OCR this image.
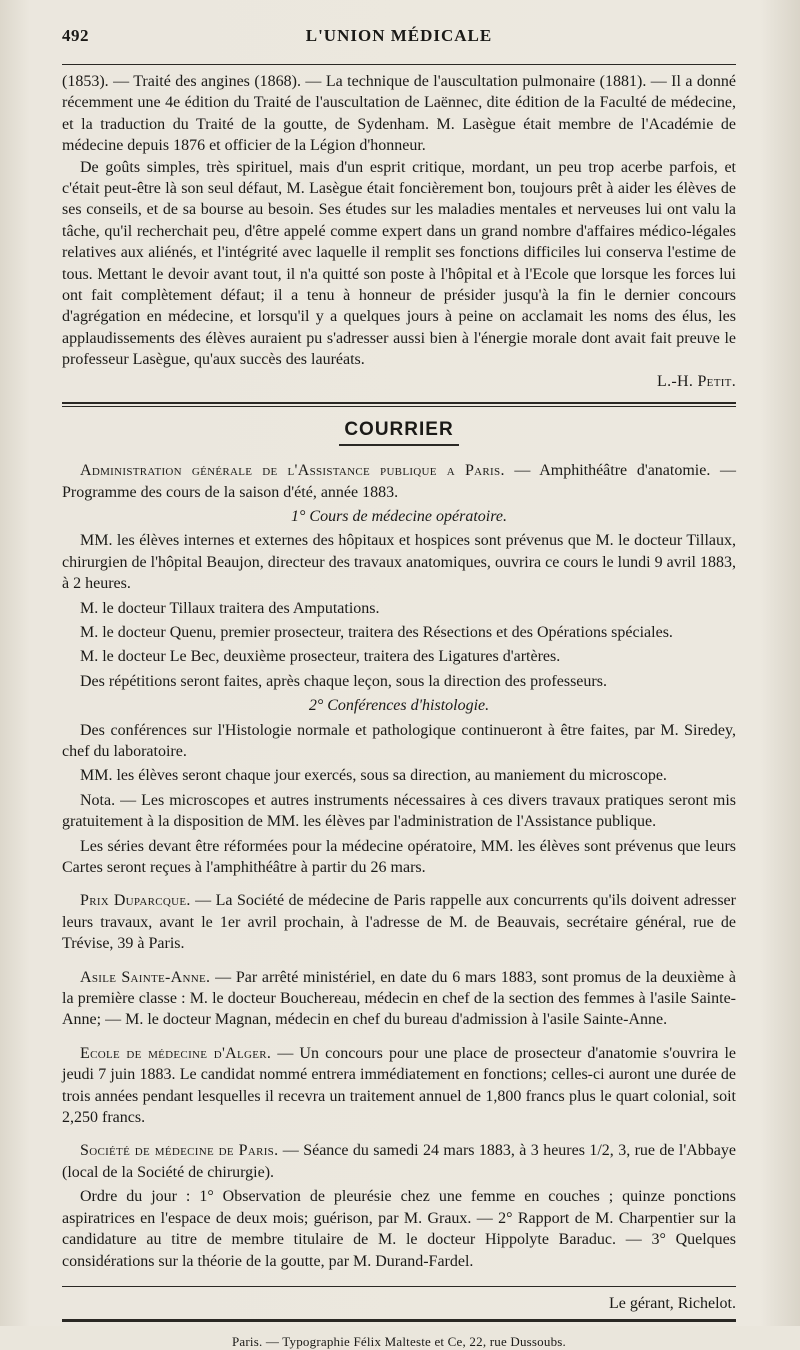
492	L'UNION MÉDICALE

(1853). — Traité des angines (1868). — La technique de l'auscultation pulmonaire (1881). — Il a donné récemment une 4e édition du Traité de l'auscultation de Laënnec, dite édition de la Faculté de médecine, et la traduction du Traité de la goutte, de Sydenham. M. Lasègue était membre de l'Académie de médecine depuis 1876 et officier de la Légion d'honneur.

De goûts simples, très spirituel, mais d'un esprit critique, mordant, un peu trop acerbe parfois, et c'était peut-être là son seul défaut, M. Lasègue était foncièrement bon, toujours prêt à aider les élèves de ses conseils, et de sa bourse au besoin. Ses études sur les maladies mentales et nerveuses lui ont valu la tâche, qu'il recherchait peu, d'être appelé comme expert dans un grand nombre d'affaires médico-légales relatives aux aliénés, et l'intégrité avec laquelle il remplit ses fonctions difficiles lui conserva l'estime de tous. Mettant le devoir avant tout, il n'a quitté son poste à l'hôpital et à l'Ecole que lorsque les forces lui ont fait complètement défaut; il a tenu à honneur de présider jusqu'à la fin le dernier concours d'agrégation en médecine, et lorsqu'il y a quelques jours à peine on acclamait les noms des élus, les applaudissements des élèves auraient pu s'adresser aussi bien à l'énergie morale dont avait fait preuve le professeur Lasègue, qu'aux succès des lauréats.

L.-H. Petit.

COURRIER

Administration générale de l'Assistance publique a Paris. — Amphithéâtre d'anatomie. — Programme des cours de la saison d'été, année 1883.

1° Cours de médecine opératoire.

MM. les élèves internes et externes des hôpitaux et hospices sont prévenus que M. le docteur Tillaux, chirurgien de l'hôpital Beaujon, directeur des travaux anatomiques, ouvrira ce cours le lundi 9 avril 1883, à 2 heures.

M. le docteur Tillaux traitera des Amputations.

M. le docteur Quenu, premier prosecteur, traitera des Résections et des Opérations spéciales.

M. le docteur Le Bec, deuxième prosecteur, traitera des Ligatures d'artères.

Des répétitions seront faites, après chaque leçon, sous la direction des professeurs.

2° Conférences d'histologie.

Des conférences sur l'Histologie normale et pathologique continueront à être faites, par M. Siredey, chef du laboratoire.

MM. les élèves seront chaque jour exercés, sous sa direction, au maniement du microscope.

Nota. — Les microscopes et autres instruments nécessaires à ces divers travaux pratiques seront mis gratuitement à la disposition de MM. les élèves par l'administration de l'Assistance publique.

Les séries devant être réformées pour la médecine opératoire, MM. les élèves sont prévenus que leurs Cartes seront reçues à l'amphithéâtre à partir du 26 mars.

Prix Duparcque. — La Société de médecine de Paris rappelle aux concurrents qu'ils doivent adresser leurs travaux, avant le 1er avril prochain, à l'adresse de M. de Beauvais, secrétaire général, rue de Trévise, 39 à Paris.

Asile Sainte-Anne. — Par arrêté ministériel, en date du 6 mars 1883, sont promus de la deuxième à la première classe : M. le docteur Bouchereau, médecin en chef de la section des femmes à l'asile Sainte-Anne; — M. le docteur Magnan, médecin en chef du bureau d'admission à l'asile Sainte-Anne.

Ecole de médecine d'Alger. — Un concours pour une place de prosecteur d'anatomie s'ouvrira le jeudi 7 juin 1883. Le candidat nommé entrera immédiatement en fonctions; celles-ci auront une durée de trois années pendant lesquelles il recevra un traitement annuel de 1,800 francs plus le quart colonial, soit 2,250 francs.

Société de médecine de Paris. — Séance du samedi 24 mars 1883, à 3 heures 1/2, 3, rue de l'Abbaye (local de la Société de chirurgie).

Ordre du jour : 1° Observation de pleurésie chez une femme en couches ; quinze ponctions aspiratrices en l'espace de deux mois; guérison, par M. Graux. — 2° Rapport de M. Charpentier sur la candidature au titre de membre titulaire de M. le docteur Hippolyte Baraduc. — 3° Quelques considérations sur la théorie de la goutte, par M. Durand-Fardel.

Le gérant, Richelot.
Paris. — Typographie Félix Malteste et Ce, 22, rue Dussoubs.
